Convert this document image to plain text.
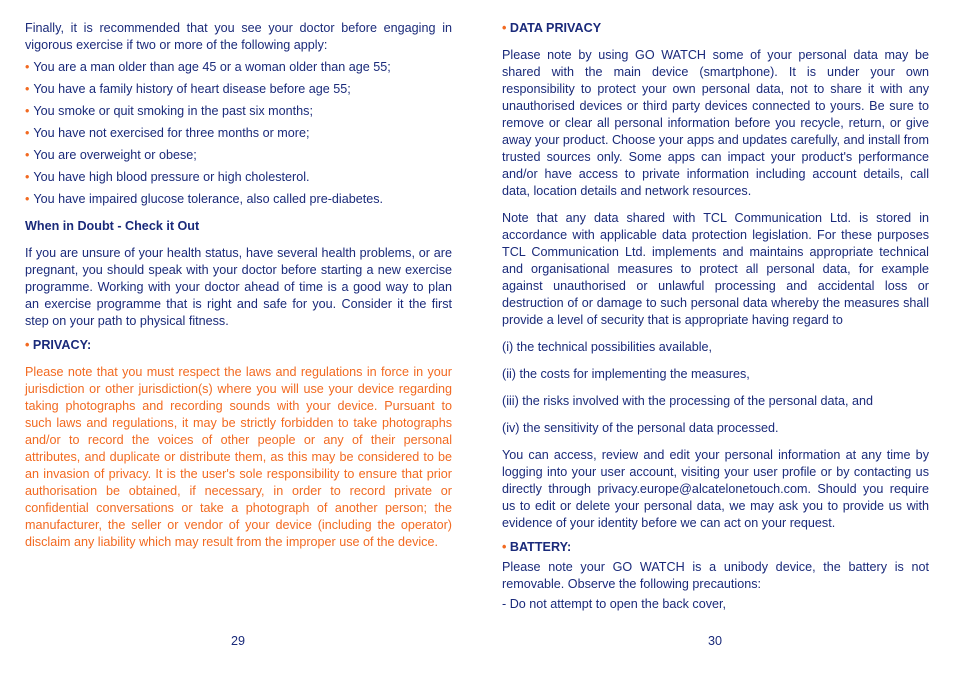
Finally, it is recommended that you see your doctor before engaging in vigorous exercise if two or more of the following apply:

• You are a man older than age 45 or a woman older than age 55;
• You have a family history of heart disease before age 55;
• You smoke or quit smoking in the past six months;
• You have not exercised for three months or more;
• You are overweight or obese;
• You have high blood pressure or high cholesterol.
• You have impaired glucose tolerance, also called pre-diabetes.

When in Doubt - Check it Out

If you are unsure of your health status, have several health problems, or are pregnant, you should speak with your doctor before starting a new exercise programme. Working with your doctor ahead of time is a good way to plan an exercise programme that is right and safe for you. Consider it the first step on your path to physical fitness.

• PRIVACY:

Please note that you must respect the laws and regulations in force in your jurisdiction or other jurisdiction(s) where you will use your device regarding taking photographs and recording sounds with your device. Pursuant to such laws and regulations, it may be strictly forbidden to take photographs and/or to record the voices of other people or any of their personal attributes, and duplicate or distribute them, as this may be considered to be an invasion of privacy. It is the user's sole responsibility to ensure that prior authorisation be obtained, if necessary, in order to record private or confidential conversations or take a photograph of another person; the manufacturer, the seller or vendor of your device (including the operator) disclaim any liability which may result from the improper use of the device.

• DATA PRIVACY

Please note by using GO WATCH some of your personal data may be shared with the main device (smartphone). It is under your own responsibility to protect your own personal data, not to share it with any unauthorised devices or third party devices connected to yours. Be sure to remove or clear all personal information before you recycle, return, or give away your product. Choose your apps and updates carefully, and install from trusted sources only. Some apps can impact your product's performance and/or have access to private information including account details, call data, location details and network resources.

Note that any data shared with TCL Communication Ltd. is stored in accordance with applicable data protection legislation. For these purposes TCL Communication Ltd. implements and maintains appropriate technical and organisational measures to protect all personal data, for example against unauthorised or unlawful processing and accidental loss or destruction of or damage to such personal data whereby the measures shall provide a level of security that is appropriate having regard to

(i) the technical possibilities available,

(ii) the costs for implementing the measures,

(iii) the risks involved with the processing of the personal data, and

(iv) the sensitivity of the personal data processed.

You can access, review and edit your personal information at any time by logging into your user account, visiting your user profile or by contacting us directly through privacy.europe@alcatelonetouch.com. Should you require us to edit or delete your personal data, we may ask you to provide us with evidence of your identity before we can act on your request.

• BATTERY:

Please note your GO WATCH is a unibody device, the battery is not removable. Observe the following precautions:

- Do not attempt to open the back cover,

29	30
